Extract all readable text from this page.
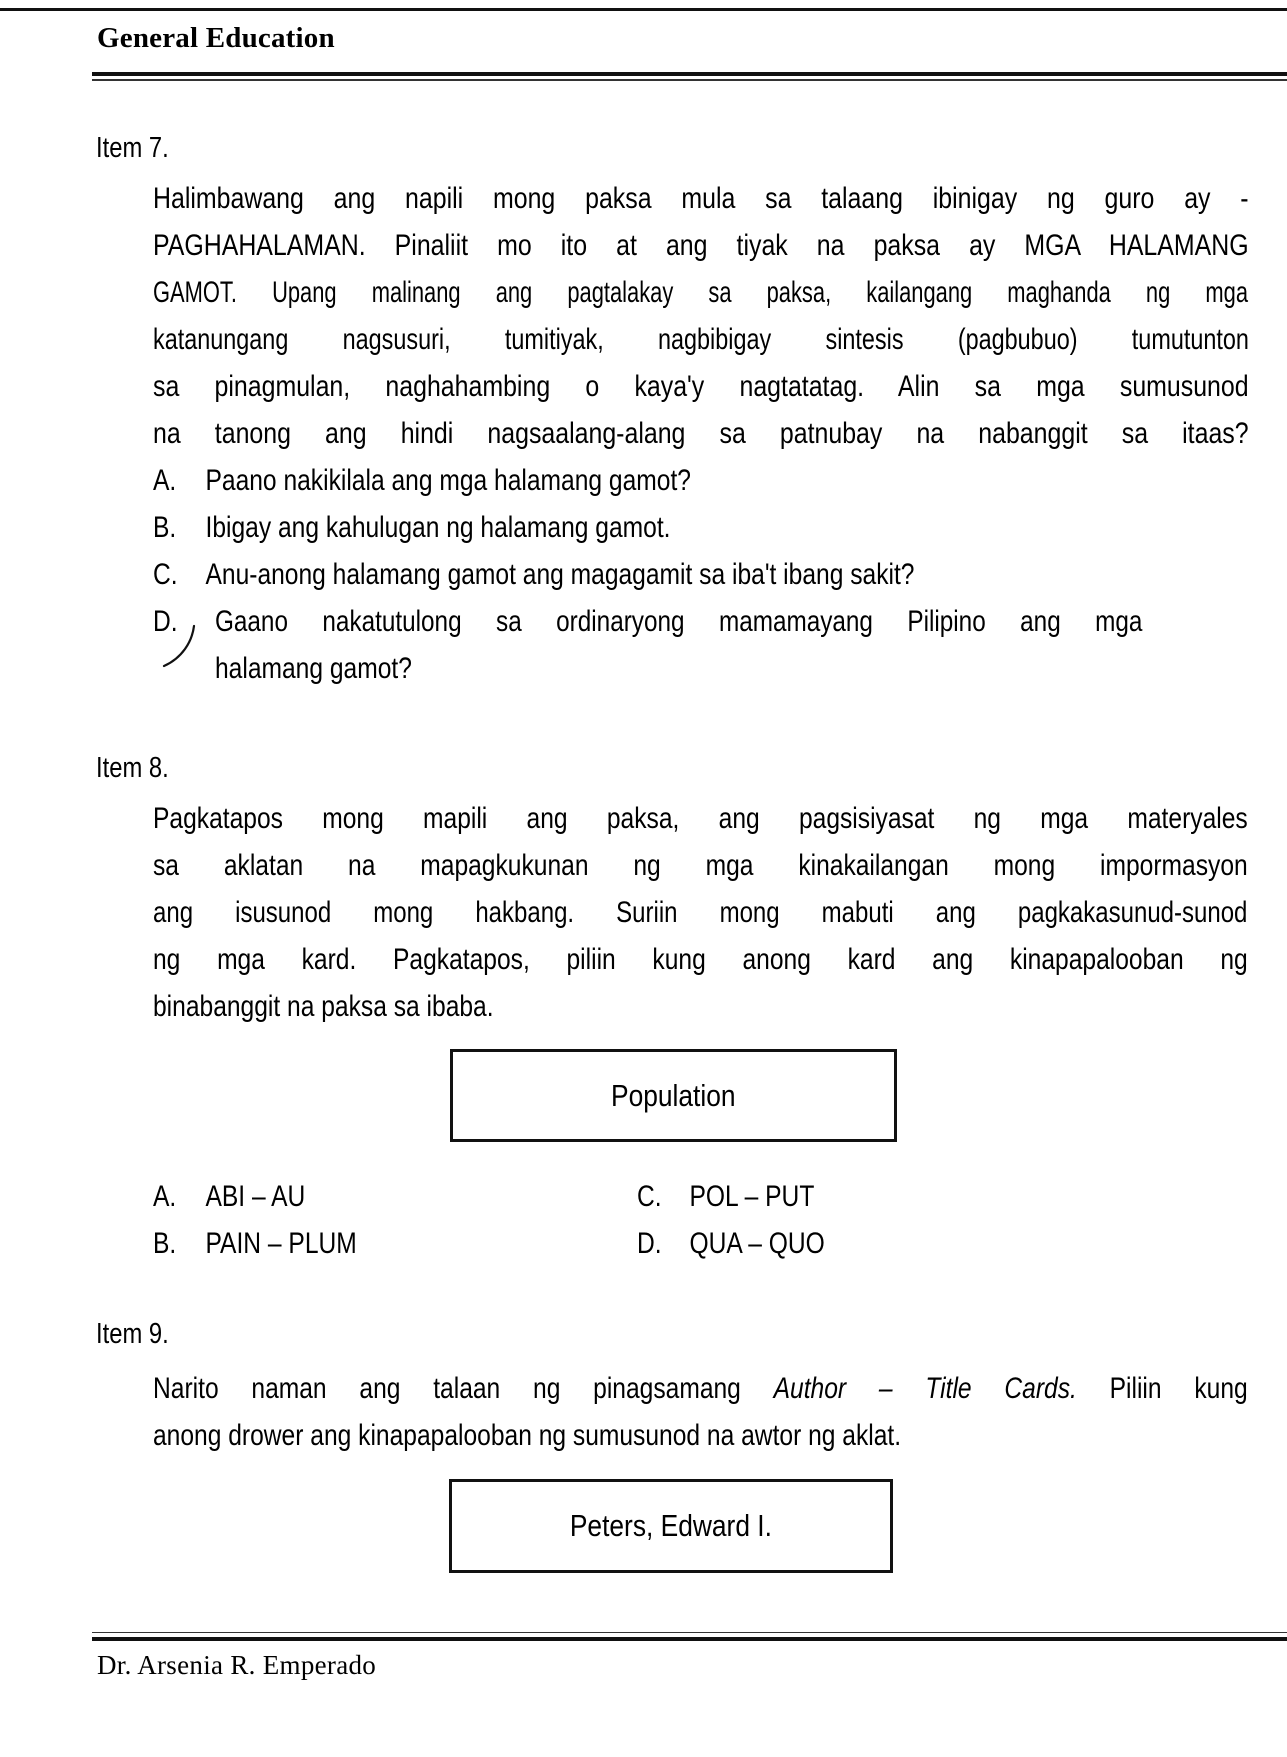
General Education
Item 7.
Halimbawang ang napili mong paksa mula sa talaang ibinigay ng guro ay -
PAGHAHALAMAN. Pinaliit mo ito at ang tiyak na paksa ay MGA HALAMANG
GAMOT. Upang malinang ang pagtalakay sa paksa, kailangang maghanda ng mga
katanungang nagsusuri, tumitiyak, nagbibigay sintesis (pagbubuo) tumutunton
sa pinagmulan, naghahambing o kaya'y nagtatatag. Alin sa mga sumusunod
na tanong ang hindi nagsaalang-alang sa patnubay na nabanggit sa itaas?
A. Paano nakikilala ang mga halamang gamot?
B. Ibigay ang kahulugan ng halamang gamot.
C. Anu-anong halamang gamot ang magagamit sa iba't ibang sakit?
D. Gaano nakatutulong sa ordinaryong mamamayang Pilipino ang mga
halamang gamot?
Item 8.
Pagkatapos mong mapili ang paksa, ang pagsisiyasat ng mga materyales
sa aklatan na mapagkukunan ng mga kinakailangan mong impormasyon
ang isusunod mong hakbang. Suriin mong mabuti ang pagkakasunud-sunod
ng mga kard. Pagkatapos, piliin kung anong kard ang kinapapalooban ng
binabanggit na paksa sa ibaba.
Population
A. ABI – AU
B. PAIN – PLUM
C. POL – PUT
D. QUA – QUO
Item 9.
Narito naman ang talaan ng pinagsamang Author – Title Cards. Piliin kung
anong drower ang kinapapalooban ng sumusunod na awtor ng aklat.
Peters, Edward I.
Dr. Arsenia R. Emperado
